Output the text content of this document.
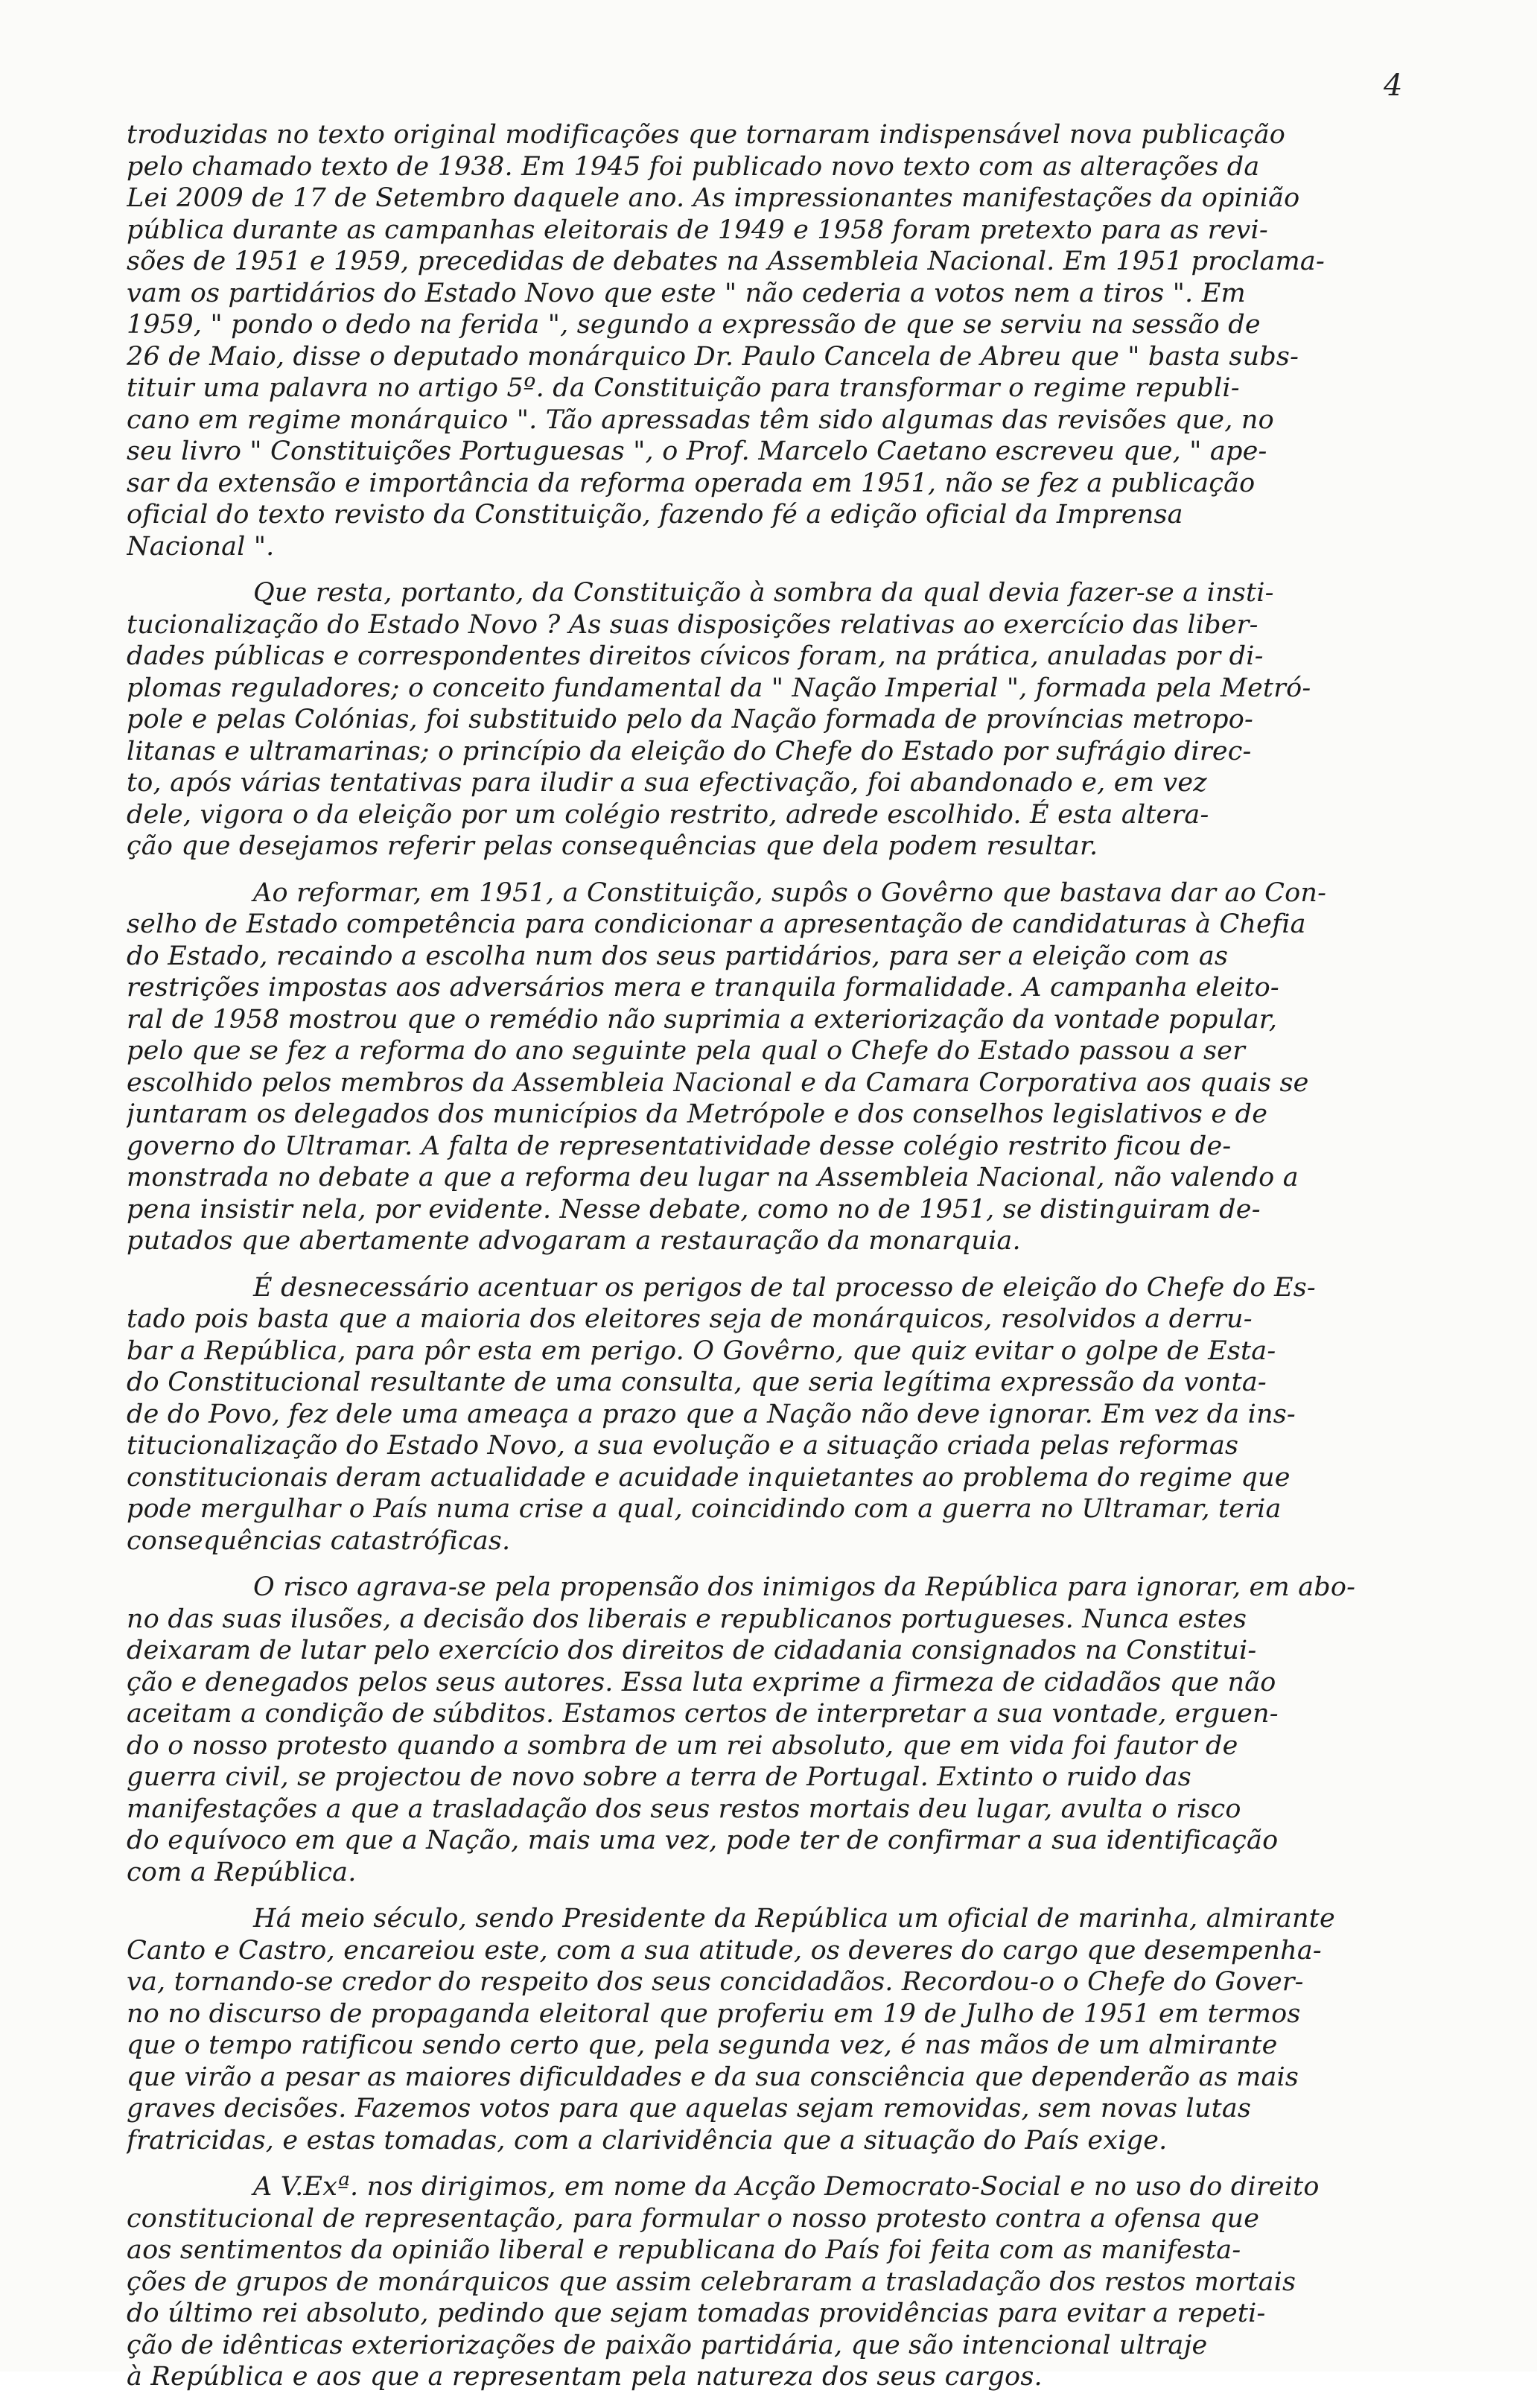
4
troduzidas no texto original modificações que tornaram indispensável nova publicação
pelo chamado texto de 1938. Em 1945 foi publicado novo texto com as alterações da
Lei 2009 de 17 de Setembro daquele ano. As impressionantes manifestações da opinião
pública durante as campanhas eleitorais de 1949 e 1958 foram pretexto para as revi-
sões de 1951 e 1959, precedidas de debates na Assembleia Nacional. Em 1951 proclama-
vam os partidários do Estado Novo que este " não cederia a votos nem a tiros ". Em
1959, " pondo o dedo na ferida ", segundo a expressão de que se serviu na sessão de
26 de Maio, disse o deputado monárquico Dr. Paulo Cancela de Abreu que " basta subs-
tituir uma palavra no artigo 5º. da Constituição para transformar o regime republi-
cano em regime monárquico ". Tão apressadas têm sido algumas das revisões que, no
seu livro " Constituições Portuguesas ", o Prof. Marcelo Caetano escreveu que, " ape-
sar da extensão e importância da reforma operada em 1951, não se fez a publicação
oficial do texto revisto da Constituição, fazendo fé a edição oficial da Imprensa
Nacional ".
Que resta, portanto, da Constituição à sombra da qual devia fazer-se a insti-
tucionalização do Estado Novo ? As suas disposições relativas ao exercício das liber-
dades públicas e correspondentes direitos cívicos foram, na prática, anuladas por di-
plomas reguladores; o conceito fundamental da " Nação Imperial ", formada pela Metró-
pole e pelas Colónias, foi substituido pelo da Nação formada de províncias metropo-
litanas e ultramarinas; o princípio da eleição do Chefe do Estado por sufrágio direc-
to, após várias tentativas para iludir a sua efectivação, foi abandonado e, em vez
dele, vigora o da eleição por um colégio restrito, adrede escolhido. É esta altera-
ção que desejamos referir pelas consequências que dela podem resultar.
Ao reformar, em 1951, a Constituição, supôs o Govêrno que bastava dar ao Con-
selho de Estado competência para condicionar a apresentação de candidaturas à Chefia
do Estado, recaindo a escolha num dos seus partidários, para ser a eleição com as
restrições impostas aos adversários mera e tranquila formalidade. A campanha eleito-
ral de 1958 mostrou que o remédio não suprimia a exteriorização da vontade popular,
pelo que se fez a reforma do ano seguinte pela qual o Chefe do Estado passou a ser
escolhido pelos membros da Assembleia Nacional e da Camara Corporativa aos quais se
juntaram os delegados dos municípios da Metrópole e dos conselhos legislativos e de
governo do Ultramar. A falta de representatividade desse colégio restrito ficou de-
monstrada no debate a que a reforma deu lugar na Assembleia Nacional, não valendo a
pena insistir nela, por evidente. Nesse debate, como no de 1951, se distinguiram de-
putados que abertamente advogaram a restauração da monarquia.
É desnecessário acentuar os perigos de tal processo de eleição do Chefe do Es-
tado pois basta que a maioria dos eleitores seja de monárquicos, resolvidos a derru-
bar a República, para pôr esta em perigo. O Govêrno, que quiz evitar o golpe de Esta-
do Constitucional resultante de uma consulta, que seria legítima expressão da vonta-
de do Povo, fez dele uma ameaça a prazo que a Nação não deve ignorar. Em vez da ins-
titucionalização do Estado Novo, a sua evolução e a situação criada pelas reformas
constitucionais deram actualidade e acuidade inquietantes ao problema do regime que
pode mergulhar o País numa crise a qual, coincidindo com a guerra no Ultramar, teria
consequências catastróficas.
O risco agrava-se pela propensão dos inimigos da República para ignorar, em abo-
no das suas ilusões, a decisão dos liberais e republicanos portugueses. Nunca estes
deixaram de lutar pelo exercício dos direitos de cidadania consignados na Constitui-
ção e denegados pelos seus autores. Essa luta exprime a firmeza de cidadãos que não
aceitam a condição de súbditos. Estamos certos de interpretar a sua vontade, erguen-
do o nosso protesto quando a sombra de um rei absoluto, que em vida foi fautor de
guerra civil, se projectou de novo sobre a terra de Portugal. Extinto o ruido das
manifestações a que a trasladação dos seus restos mortais deu lugar, avulta o risco
do equívoco em que a Nação, mais uma vez, pode ter de confirmar a sua identificação
com a República.
Há meio século, sendo Presidente da República um oficial de marinha, almirante
Canto e Castro, encareiou este, com a sua atitude, os deveres do cargo que desempenha-
va, tornando-se credor do respeito dos seus concidadãos. Recordou-o o Chefe do Gover-
no no discurso de propaganda eleitoral que proferiu em 19 de Julho de 1951 em termos
que o tempo ratificou sendo certo que, pela segunda vez, é nas mãos de um almirante
que virão a pesar as maiores dificuldades e da sua consciência que dependerão as mais
graves decisões. Fazemos votos para que aquelas sejam removidas, sem novas lutas
fratricidas, e estas tomadas, com a clarividência que a situação do País exige.
A V.Exª. nos dirigimos, em nome da Acção Democrato-Social e no uso do direito
constitucional de representação, para formular o nosso protesto contra a ofensa que
aos sentimentos da opinião liberal e republicana do País foi feita com as manifesta-
ções de grupos de monárquicos que assim celebraram a trasladação dos restos mortais
do último rei absoluto, pedindo que sejam tomadas providências para evitar a repeti-
ção de idênticas exteriorizações de paixão partidária, que são intencional ultraje
à República e aos que a representam pela natureza dos seus cargos.
